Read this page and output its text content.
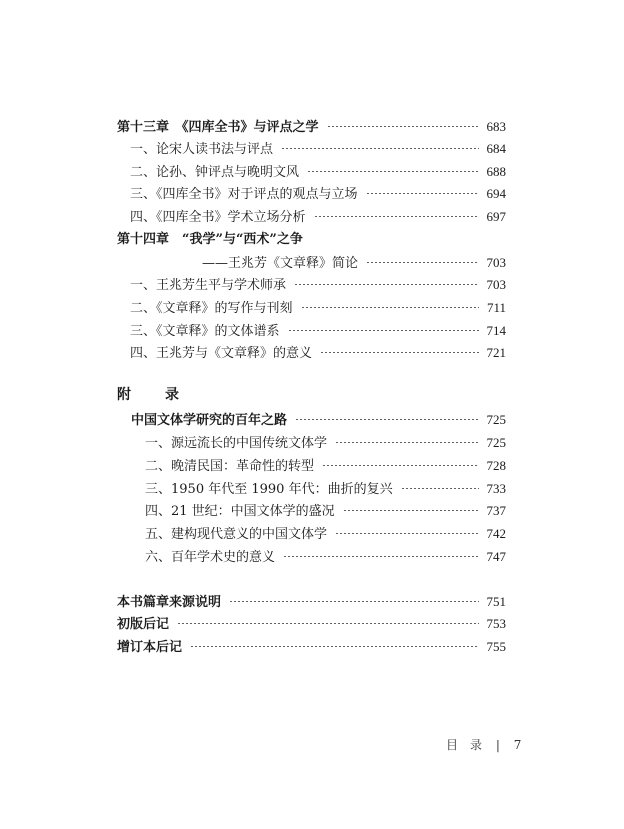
第十三章　《四库全书》与评点之学	683
一、论宋人读书法与评点	684
二、论孙、钟评点与晚明文风	688
三、《四库全书》对于评点的观点与立场	694
四、《四库全书》学术立场分析	697
第十四章　“我学”与“西术”之争
——王兆芳《文章释》简论	703
一、王兆芳生平与学术师承	703
二、《文章释》的写作与刊刻	711
三、《文章释》的文体谱系	714
四、王兆芳与《文章释》的意义	721
附　录
中国文体学研究的百年之路	725
一、源远流长的中国传统文体学	725
二、晚清民国：革命性的转型	728
三、1950 年代至 1990 年代：曲折的复兴	733
四、21 世纪：中国文体学的盛况	737
五、建构现代意义的中国文体学	742
六、百年学术史的意义	747
本书篇章来源说明	751
初版后记	753
增订本后记	755
目　录 | 7
